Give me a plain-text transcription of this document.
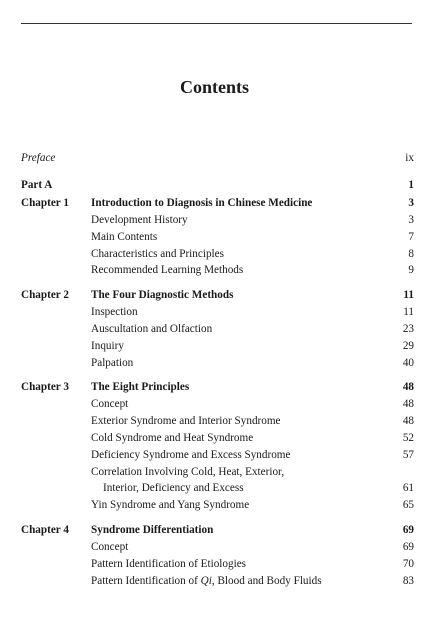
Contents
Preface	ix
Part A	1
Chapter 1 Introduction to Diagnosis in Chinese Medicine	3
Development History	3
Main Contents	7
Characteristics and Principles	8
Recommended Learning Methods	9
Chapter 2 The Four Diagnostic Methods	11
Inspection	11
Auscultation and Olfaction	23
Inquiry	29
Palpation	40
Chapter 3 The Eight Principles	48
Concept	48
Exterior Syndrome and Interior Syndrome	48
Cold Syndrome and Heat Syndrome	52
Deficiency Syndrome and Excess Syndrome	57
Correlation Involving Cold, Heat, Exterior,
Interior, Deficiency and Excess	61
Yin Syndrome and Yang Syndrome	65
Chapter 4 Syndrome Differentiation	69
Concept	69
Pattern Identification of Etiologies	70
Pattern Identification of Qi, Blood and Body Fluids	83
